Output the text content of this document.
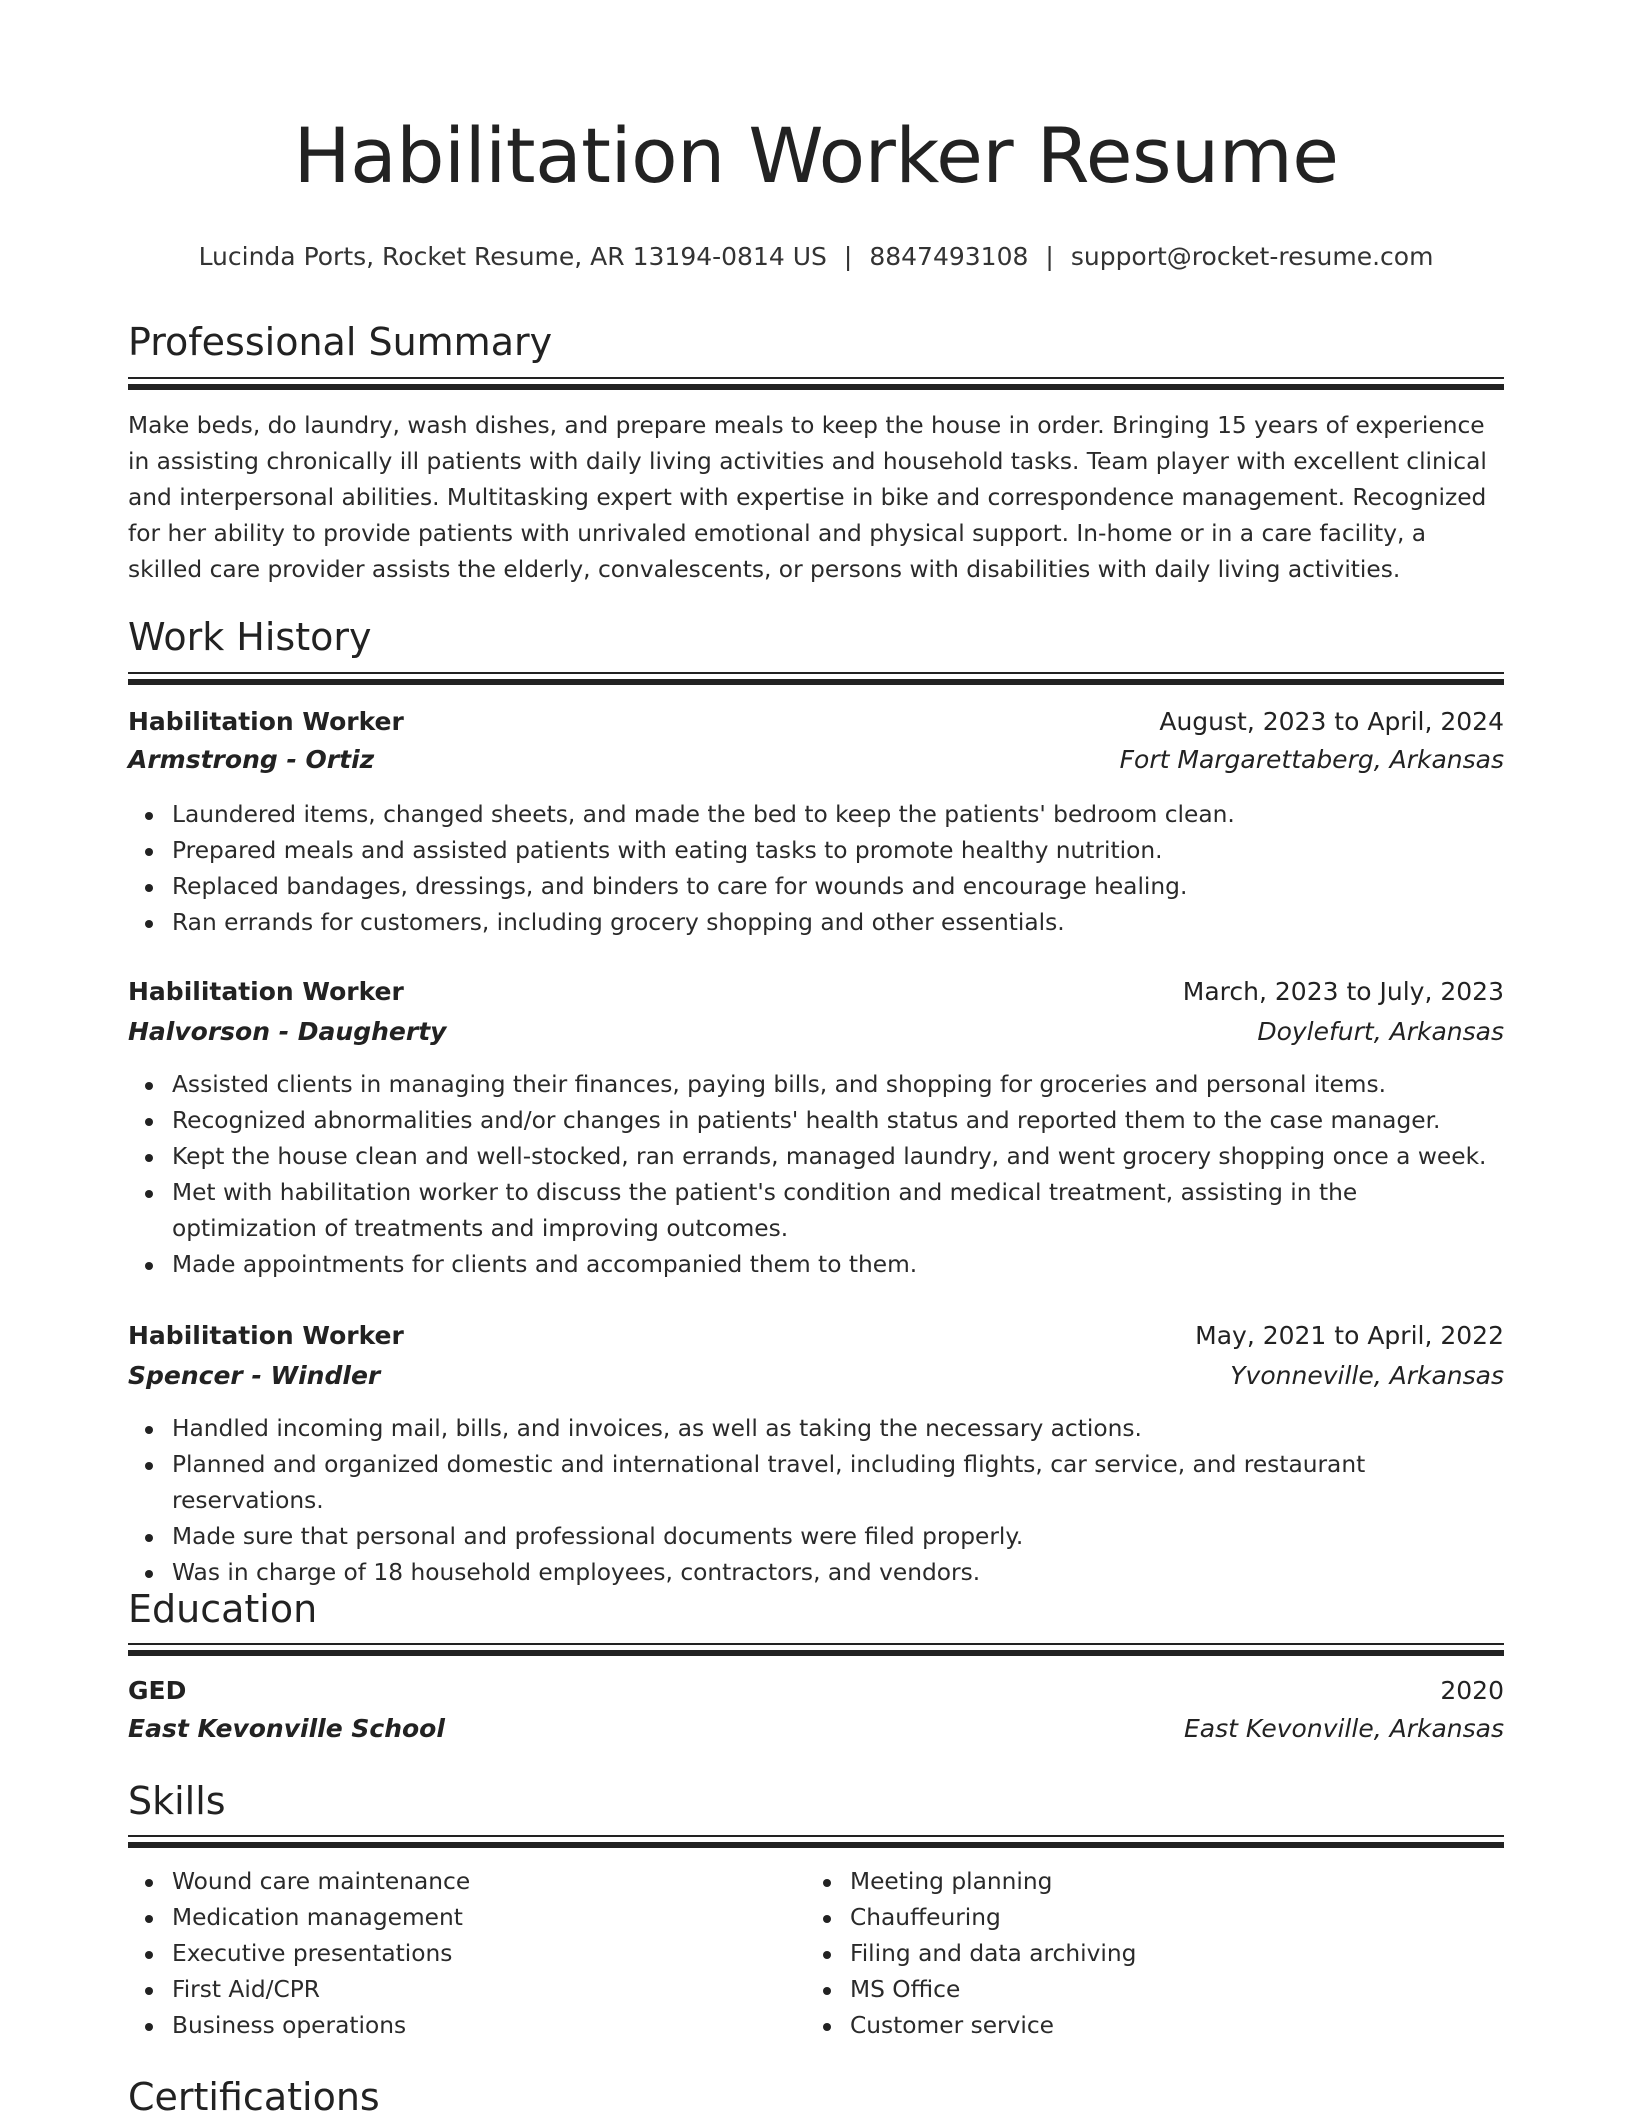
Habilitation Worker Resume
Lucinda Ports, Rocket Resume, AR 13194-0814 US | 8847493108 | support@rocket-resume.com
Professional Summary
Make beds, do laundry, wash dishes, and prepare meals to keep the house in order. Bringing 15 years of experience in assisting chronically ill patients with daily living activities and household tasks. Team player with excellent clinical and interpersonal abilities. Multitasking expert with expertise in bike and correspondence management. Recognized for her ability to provide patients with unrivaled emotional and physical support. In-home or in a care facility, a skilled care provider assists the elderly, convalescents, or persons with disabilities with daily living activities.
Work History
Habilitation Worker	August, 2023 to April, 2024
Armstrong - Ortiz	Fort Margarettaberg, Arkansas
Laundered items, changed sheets, and made the bed to keep the patients' bedroom clean.
Prepared meals and assisted patients with eating tasks to promote healthy nutrition.
Replaced bandages, dressings, and binders to care for wounds and encourage healing.
Ran errands for customers, including grocery shopping and other essentials.
Habilitation Worker	March, 2023 to July, 2023
Halvorson - Daugherty	Doylefurt, Arkansas
Assisted clients in managing their finances, paying bills, and shopping for groceries and personal items.
Recognized abnormalities and/or changes in patients' health status and reported them to the case manager.
Kept the house clean and well-stocked, ran errands, managed laundry, and went grocery shopping once a week.
Met with habilitation worker to discuss the patient's condition and medical treatment, assisting in the optimization of treatments and improving outcomes.
Made appointments for clients and accompanied them to them.
Habilitation Worker	May, 2021 to April, 2022
Spencer - Windler	Yvonneville, Arkansas
Handled incoming mail, bills, and invoices, as well as taking the necessary actions.
Planned and organized domestic and international travel, including flights, car service, and restaurant reservations.
Made sure that personal and professional documents were filed properly.
Was in charge of 18 household employees, contractors, and vendors.
Education
GED	2020
East Kevonville School	East Kevonville, Arkansas
Skills
Wound care maintenance
Medication management
Executive presentations
First Aid/CPR
Business operations
Meeting planning
Chauffeuring
Filing and data archiving
MS Office
Customer service
Certifications
